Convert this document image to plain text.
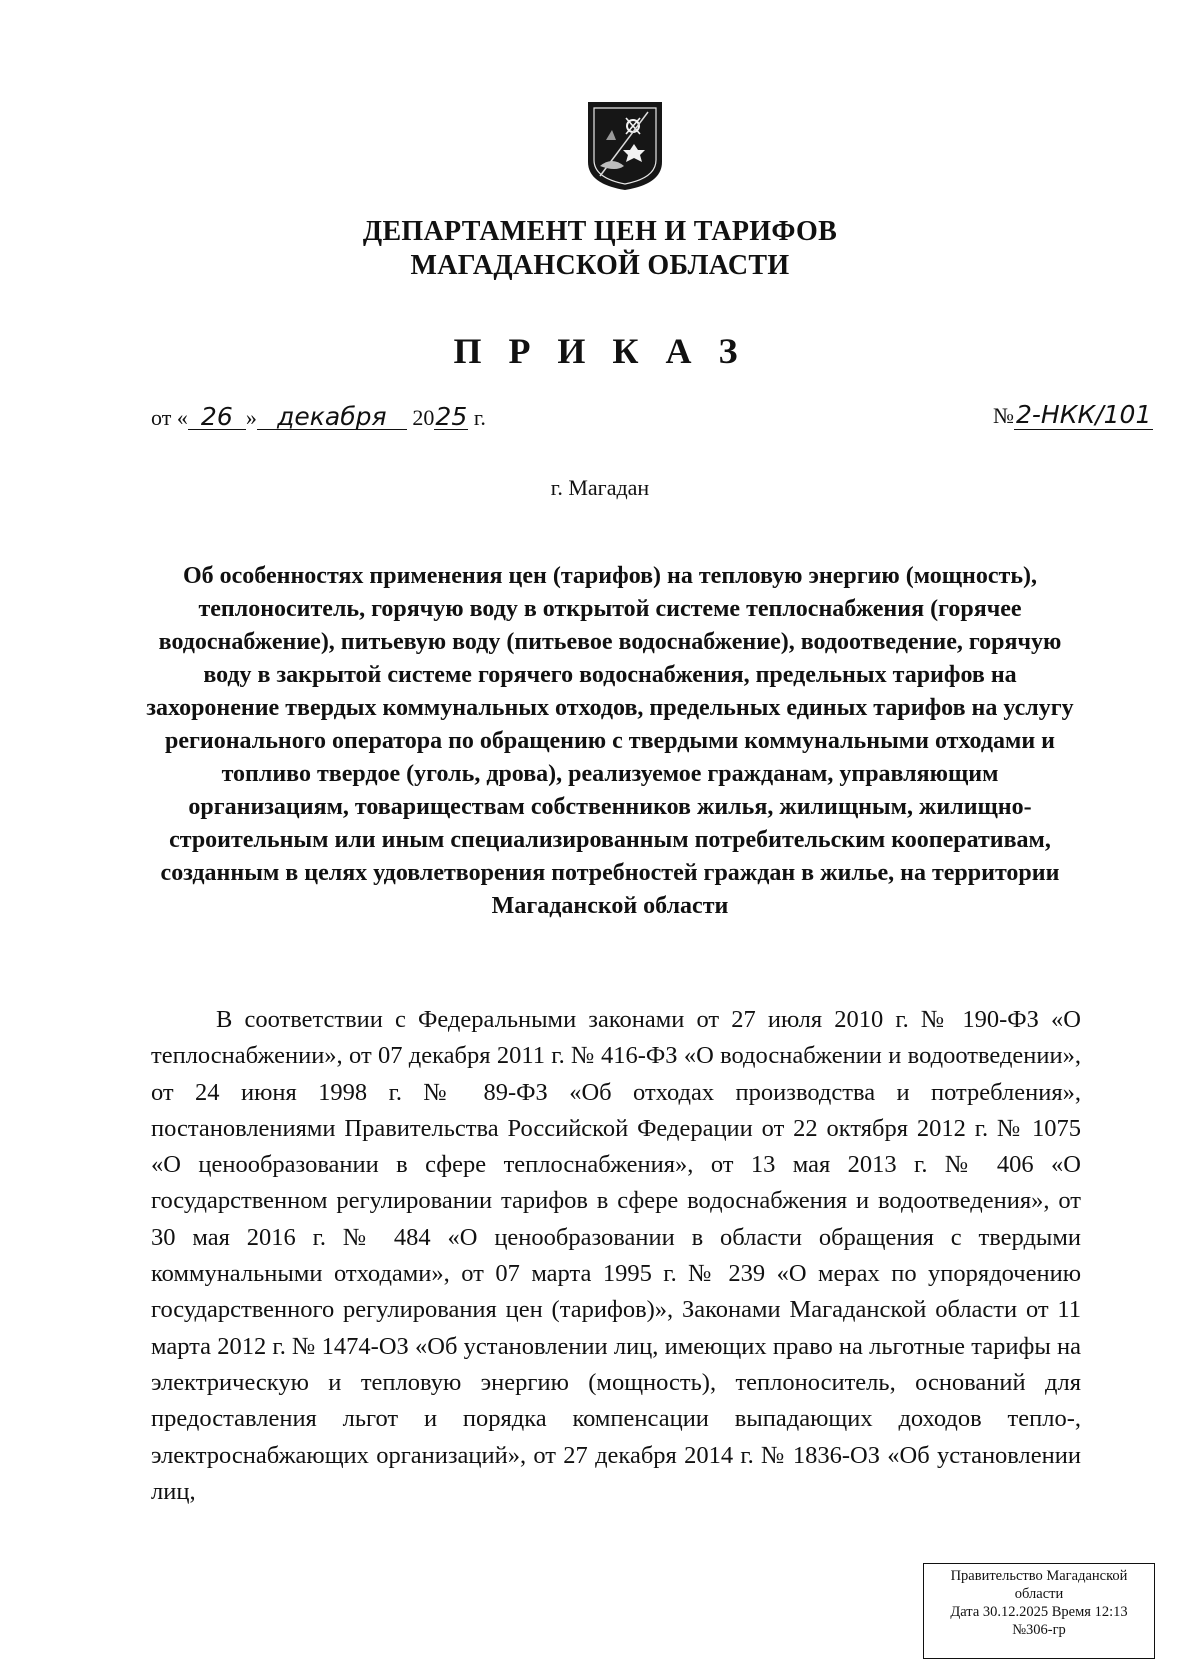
ДЕПАРТАМЕНТ ЦЕН И ТАРИФОВ
МАГАДАНСКОЙ ОБЛАСТИ
П Р И К А З
от « 26 » декабря 2025 г.	№2-НКК/101
г. Магадан
Об особенностях применения цен (тарифов) на тепловую энергию (мощность), теплоноситель, горячую воду в открытой системе теплоснабжения (горячее водоснабжение), питьевую воду (питьевое водоснабжение), водоотведение, горячую воду в закрытой системе горячего водоснабжения, предельных тарифов на захоронение твердых коммунальных отходов, предельных единых тарифов на услугу регионального оператора по обращению с твердыми коммунальными отходами и топливо твердое (уголь, дрова), реализуемое гражданам, управляющим организациям, товариществам собственников жилья, жилищным, жилищно-строительным или иным специализированным потребительским кооперативам, созданным в целях удовлетворения потребностей граждан в жилье, на территории Магаданской области
В соответствии с Федеральными законами от 27 июля 2010 г. № 190-ФЗ «О теплоснабжении», от 07 декабря 2011 г. № 416-ФЗ «О водоснабжении и водоотведении», от 24 июня 1998 г. № 89-ФЗ «Об отходах производства и потребления», постановлениями Правительства Российской Федерации от 22 октября 2012 г. № 1075 «О ценообразовании в сфере теплоснабжения», от 13 мая 2013 г. № 406 «О государственном регулировании тарифов в сфере водоснабжения и водоотведения», от 30 мая 2016 г. № 484 «О ценообразовании в области обращения с твердыми коммунальными отходами», от 07 марта 1995 г. № 239 «О мерах по упорядочению государственного регулирования цен (тарифов)», Законами Магаданской области от 11 марта 2012 г. № 1474-ОЗ «Об установлении лиц, имеющих право на льготные тарифы на электрическую и тепловую энергию (мощность), теплоноситель, оснований для предоставления льгот и порядка компенсации выпадающих доходов тепло-, электроснабжающих организаций», от 27 декабря 2014 г. № 1836-ОЗ «Об установлении лиц,
Правительство Магаданской
области
Дата 30.12.2025 Время 12:13
№306-гр
